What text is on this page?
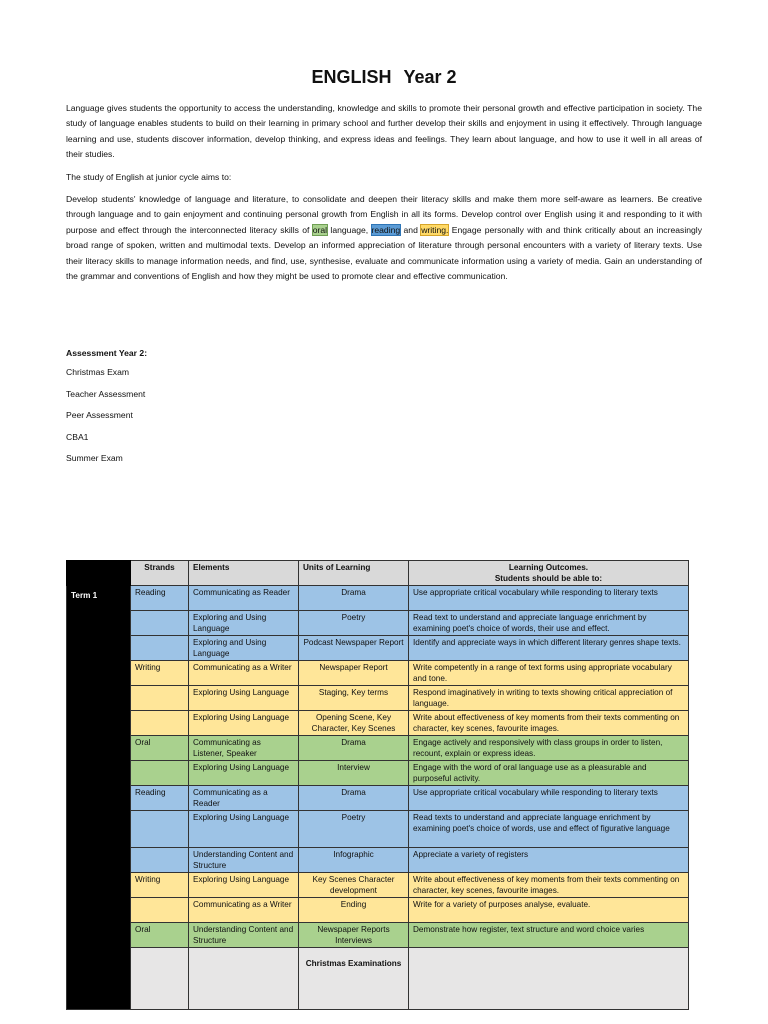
ENGLISH Year 2

Language gives students the opportunity to access the understanding, knowledge and skills to promote their personal growth and effective participation in society. The study of language enables students to build on their learning in primary school and further develop their skills and enjoyment in using it effectively. Through language learning and use, students discover information, develop thinking, and express ideas and feelings. They learn about language, and how to use it well in all areas of their studies.

The study of English at junior cycle aims to:

Develop students' knowledge of language and literature, to consolidate and deepen their literacy skills and make them more self-aware as learners. Be creative through language and to gain enjoyment and continuing personal growth from English in all its forms. Develop control over English using it and responding to it with purpose and effect through the interconnected literacy skills of oral language, reading and writing. Engage personally with and think critically about an increasingly broad range of spoken, written and multimodal texts. Develop an informed appreciation of literature through personal encounters with a variety of literary texts. Use their literacy skills to manage information needs, and find, use, synthesise, evaluate and communicate information using a variety of media. Gain an understanding of the grammar and conventions of English and how they might be used to promote clear and effective communication.

Assessment Year 2:
Christmas Exam
Teacher Assessment
Peer Assessment
CBA1
Summer Exam
	Strands	Elements	Units of Learning	Learning Outcomes.
Students should be able to:

Term 1	Reading	Communicating as Reader	Drama	Use appropriate critical vocabulary while responding to literary texts
		Exploring and Using Language	Poetry	Read text to understand and appreciate language enrichment by examining poet's choice of words, their use and effect.
		Exploring and Using Language	Podcast Newspaper Report	Identify and appreciate ways in which different literary genres shape texts.
	Writing	Communicating as a Writer	Newspaper Report	Write competently in a range of text forms using appropriate vocabulary and tone.
		Exploring Using Language	Staging, Key terms	Respond imaginatively in writing to texts showing critical appreciation of language.
		Exploring Using Language	Opening Scene, Key Character, Key Scenes	Write about effectiveness of key moments from their texts commenting on character, key scenes, favourite images.
	Oral	Communicating as Listener, Speaker	Drama	Engage actively and responsively with class groups in order to listen, recount, explain or express ideas.
		Exploring Using Language	Interview	Engage with the word of oral language use as a pleasurable and purposeful activity.
	Reading	Communicating as a Reader	Drama	Use appropriate critical vocabulary while responding to literary texts
		Exploring Using Language	Poetry	Read texts to understand and appreciate language enrichment by examining poet's choice of words, use and effect of figurative language
		Understanding Content and Structure	Infographic	Appreciate a variety of registers
	Writing	Exploring Using Language	Key Scenes Character development	Write about effectiveness of key moments from their texts commenting on character, key scenes, favourite images.
		Communicating as a Writer	Ending	Write for a variety of purposes analyse, evaluate.
	Oral	Understanding Content and Structure	Newspaper Reports Interviews	Demonstrate how register, text structure and word choice varies
			Christmas Examinations	
